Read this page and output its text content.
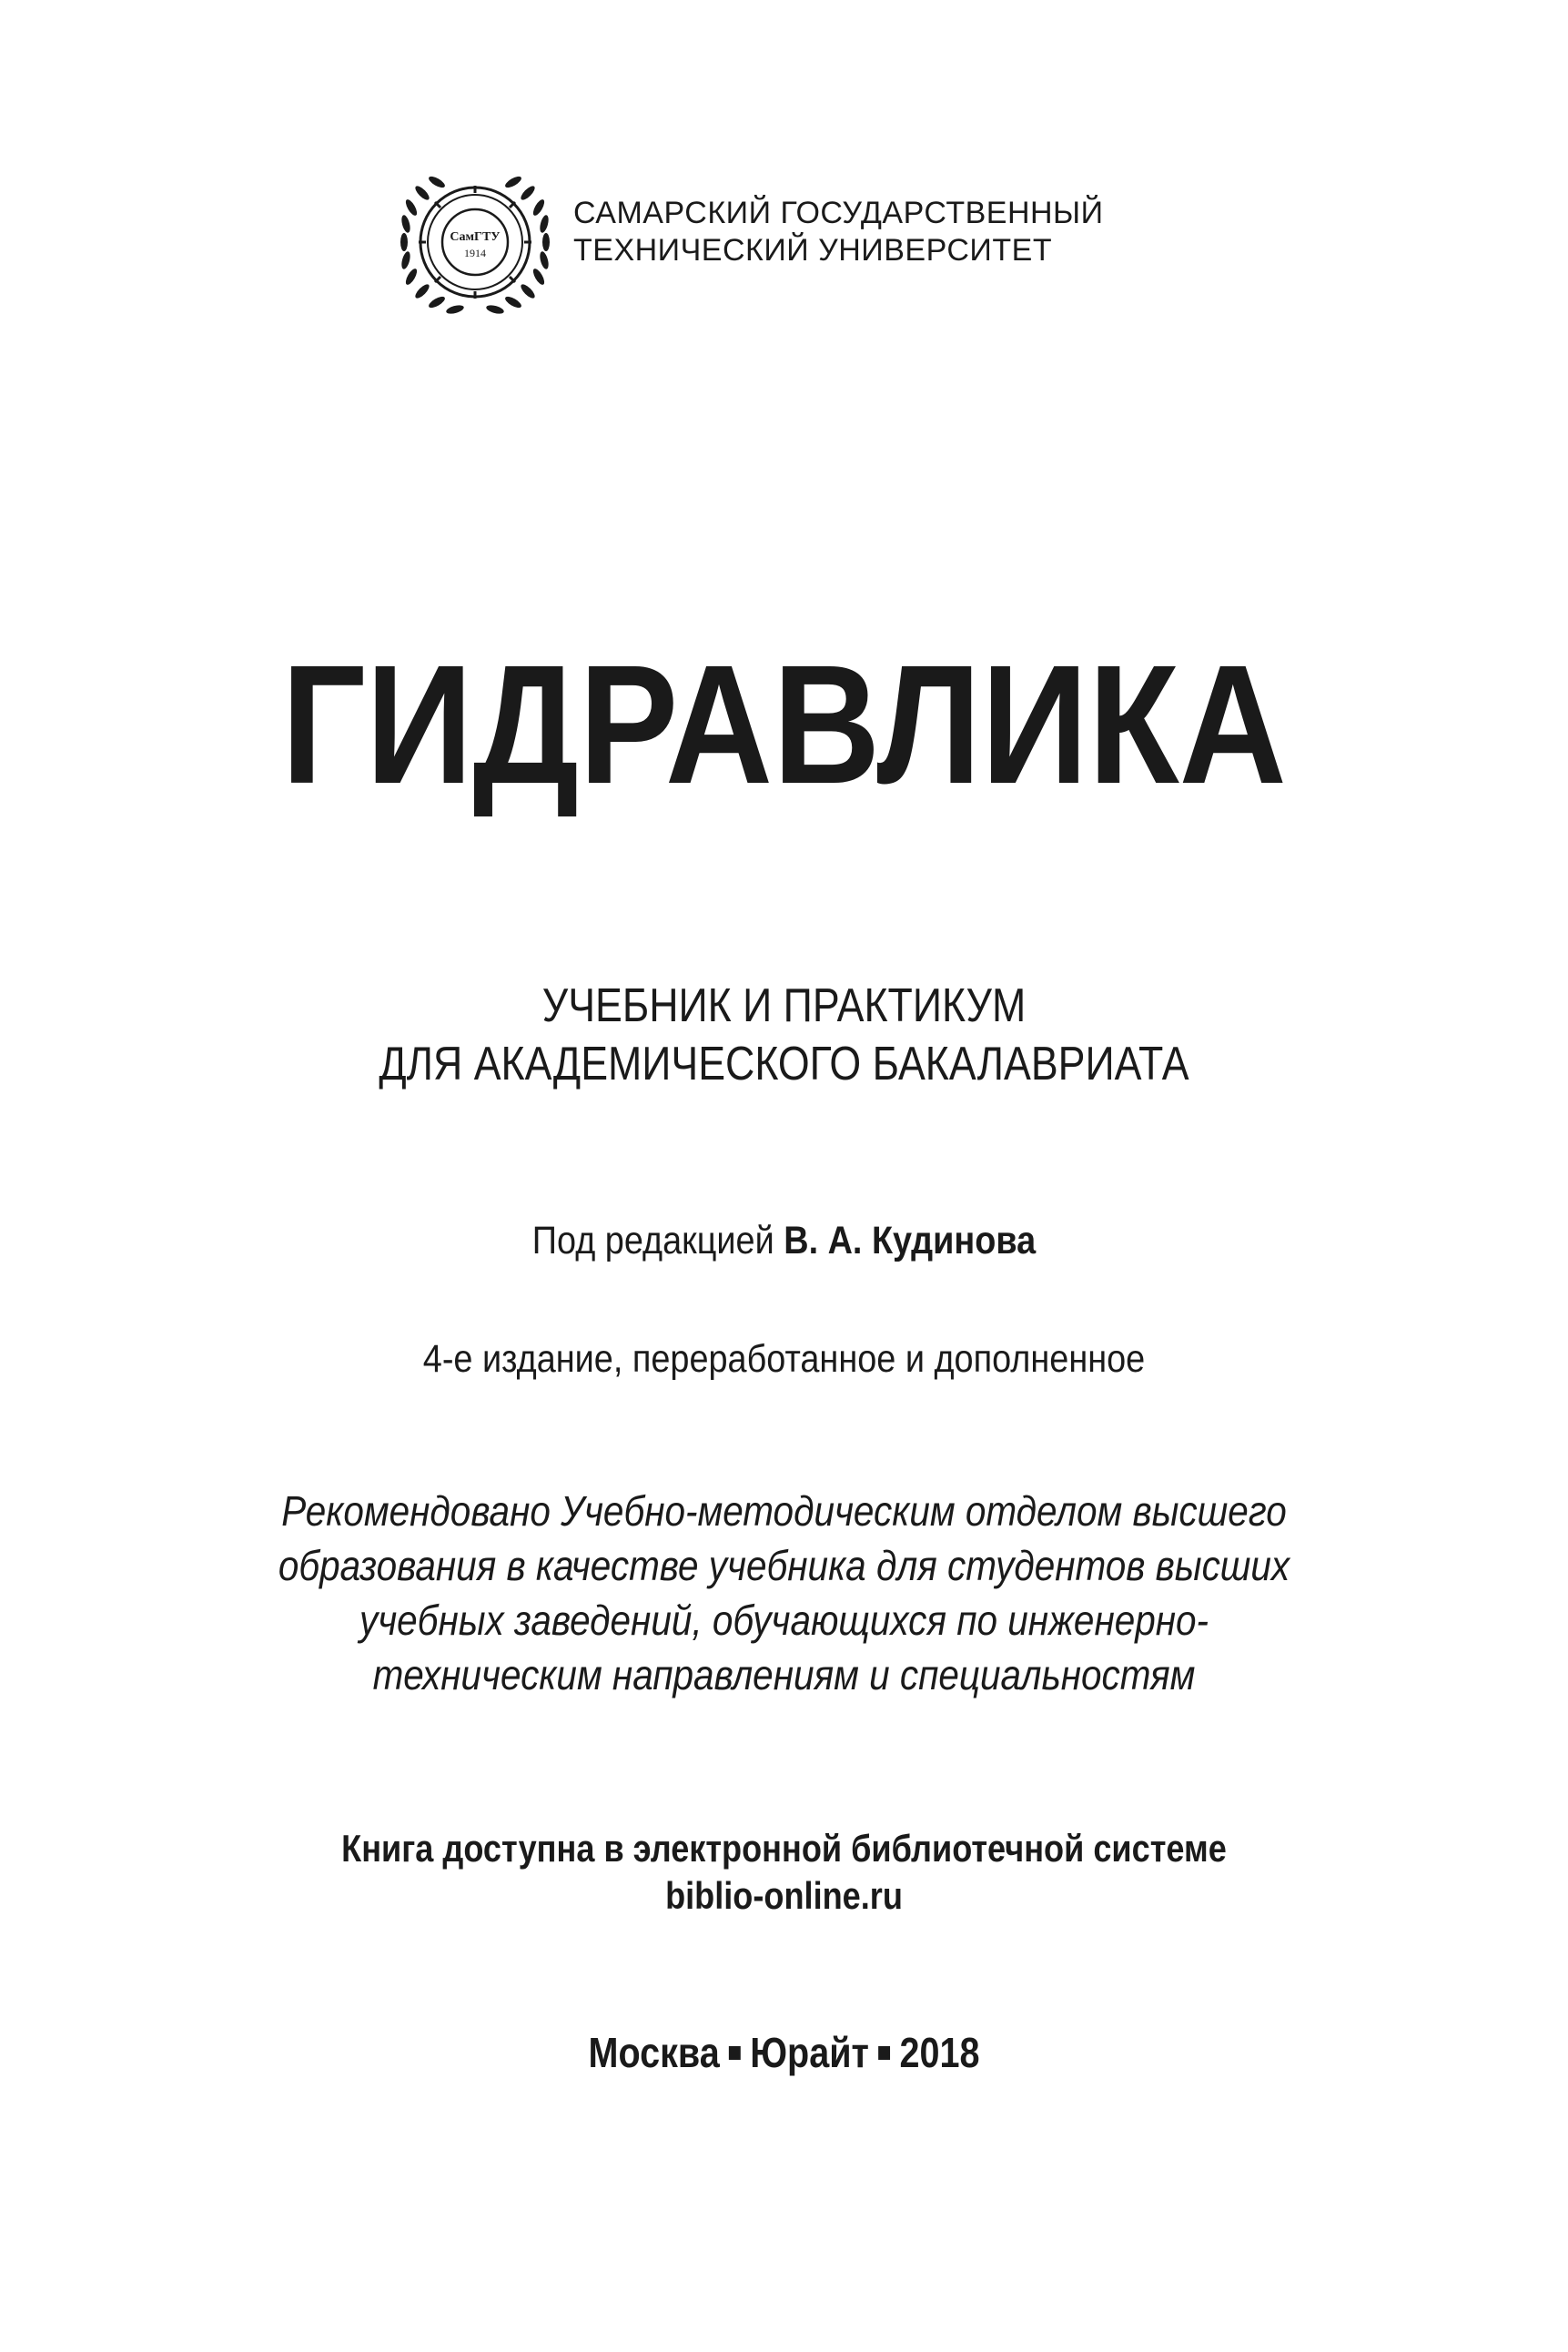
СамГТУ
1914
САМАРСКИЙ ГОСУДАРСТВЕННЫЙ
ТЕХНИЧЕСКИЙ УНИВЕРСИТЕТ
ГИДРАВЛИКА
УЧЕБНИК И ПРАКТИКУМ
ДЛЯ АКАДЕМИЧЕСКОГО БАКАЛАВРИАТА
Под редакцией В. А. Кудинова
4-е издание, переработанное и дополненное
Рекомендовано Учебно-методическим отделом высшего
образования в качестве учебника для студентов высших
учебных заведений, обучающихся по инженерно-
техническим направлениям и специальностям
Книга доступна в электронной библиотечной системе
biblio-online.ru
Москва Юрайт 2018
